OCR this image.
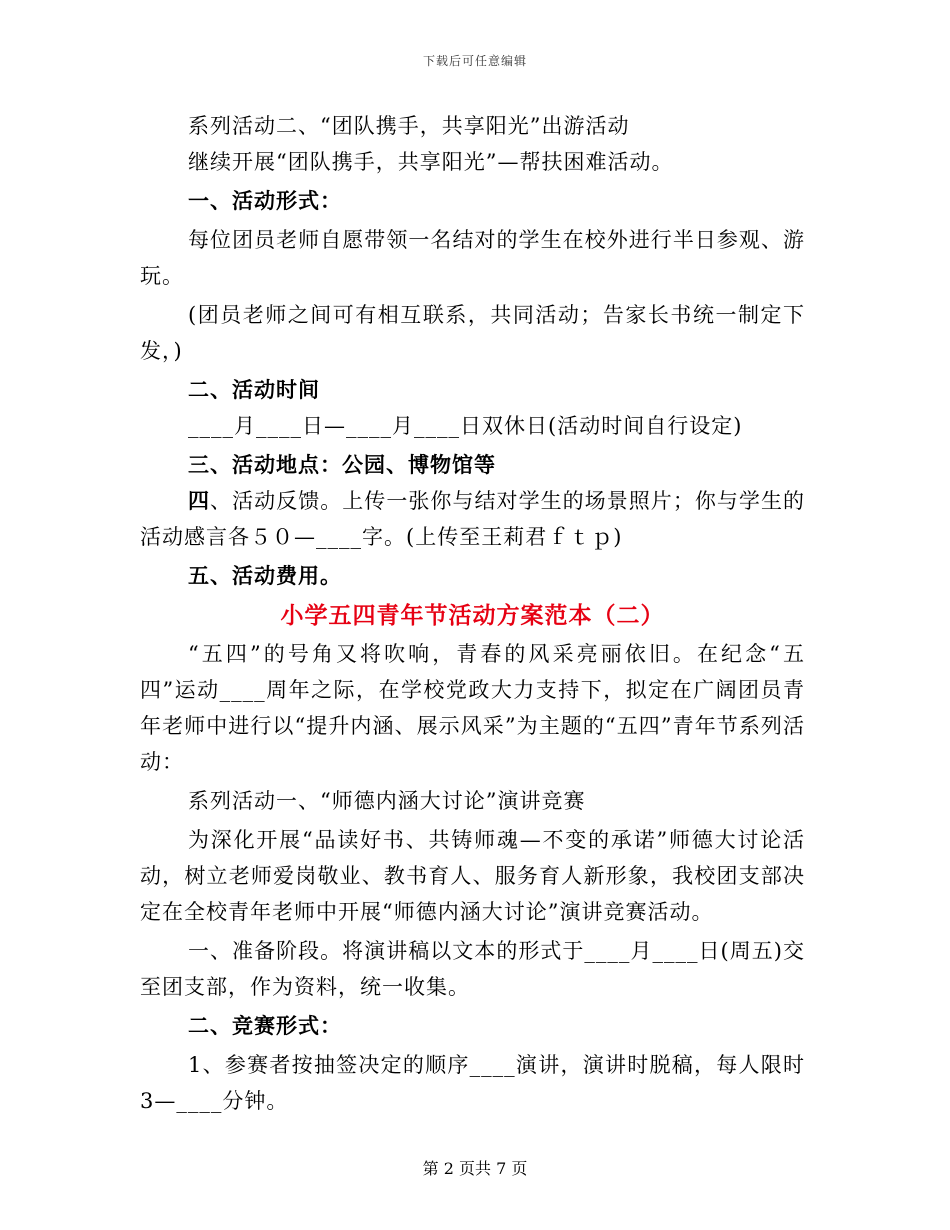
下载后可任意编辑

系列活动二、“团队携手，共享阳光”出游活动

继续开展“团队携手，共享阳光”—帮扶困难活动。

一、活动形式：

每位团员老师自愿带领一名结对的学生在校外进行半日参观、游玩。

(团员老师之间可有相互联系，共同活动；告家长书统一制定下发，)

二、活动时间

____月____日—____月____日双休日(活动时间自行设定)

三、活动地点：公园、博物馆等

四、活动反馈。上传一张你与结对学生的场景照片；你与学生的活动感言各５０—____字。(上传至王莉君ｆｔｐ)

五、活动费用。

小学五四青年节活动方案范本（二）

“五四”的号角又将吹响，青春的风采亮丽依旧。在纪念“五四”运动____周年之际，在学校党政大力支持下，拟定在广阔团员青年老师中进行以“提升内涵、展示风采”为主题的“五四”青年节系列活动：

系列活动一、“师德内涵大讨论”演讲竞赛

为深化开展“品读好书、共铸师魂—不变的承诺”师德大讨论活动，树立老师爱岗敬业、教书育人、服务育人新形象，我校团支部决定在全校青年老师中开展“师德内涵大讨论”演讲竞赛活动。

一、准备阶段。将演讲稿以文本的形式于____月____日(周五)交至团支部，作为资料，统一收集。

二、竞赛形式：

1、参赛者按抽签决定的顺序____演讲，演讲时脱稿，每人限时3—____分钟。

第 2 页共 7 页
